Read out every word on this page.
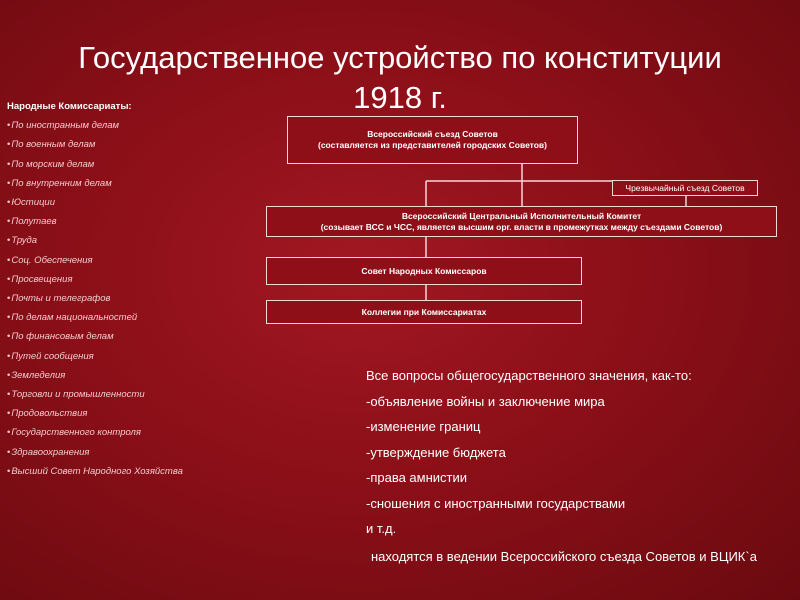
Государственное устройство по конституции
1918 г.
Народные Комиссариаты:
• По иностранным делам
• По военным делам
• По морским делам
• По внутренним делам
• Юстиции
• Полутаев
• Труда
• Соц. Обеспечения
• Просвещения
• Почты и телеграфов
• По делам национальностей
• По финансовым делам
• Путей сообщения
• Земледелия
• Торговли и промышленности
• Продовольствия
• Государственного контроля
• Здравоохранения
• Высший Совет Народного Хозяйства
Всероссийский съезд Советов
(составляется из представителей городских Советов)
Чрезвычайный съезд Советов
Всероссийский Центральный Исполнительный Комитет
(созывает ВСС и ЧСС, является высшим орг. власти в промежутках между съездами Советов)
Совет Народных Комиссаров
Коллегии при Комиссариатах
Все вопросы общегосударственного значения, как-то:
-объявление войны и заключение мира
-изменение границ
-утверждение бюджета
-права амнистии
-сношения с иностранными государствами
и т.д.
находятся в ведении Всероссийского съезда Советов и ВЦИК`а
